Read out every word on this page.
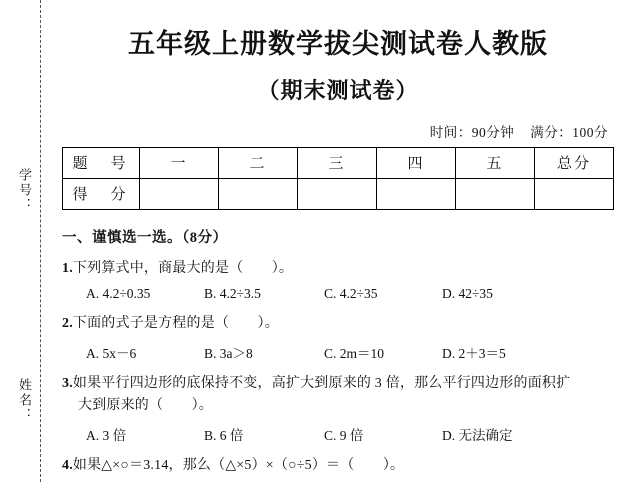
学号：
姓名：
五年级上册数学拔尖测试卷人教版
（期末测试卷）
时间：90分钟 满分：100分
题　号	一	二	三	四	五	总分
得　分						
一、谨慎选一选。（8分）
1.下列算式中，商最大的是（　　）。
A. 4.2÷0.35	B. 4.2÷3.5	C. 4.2÷35	D. 42÷35
2.下面的式子是方程的是（　　）。
A. 5x－6	B. 3a＞8	C. 2m＝10	D. 2＋3＝5
3.如果平行四边形的底保持不变，高扩大到原来的 3 倍，那么平行四边形的面积扩
大到原来的（　　）。
A. 3 倍	B. 6 倍	C. 9 倍	D. 无法确定
4.如果△×○＝3.14，那么（△×5）×（○÷5）＝（　　）。
